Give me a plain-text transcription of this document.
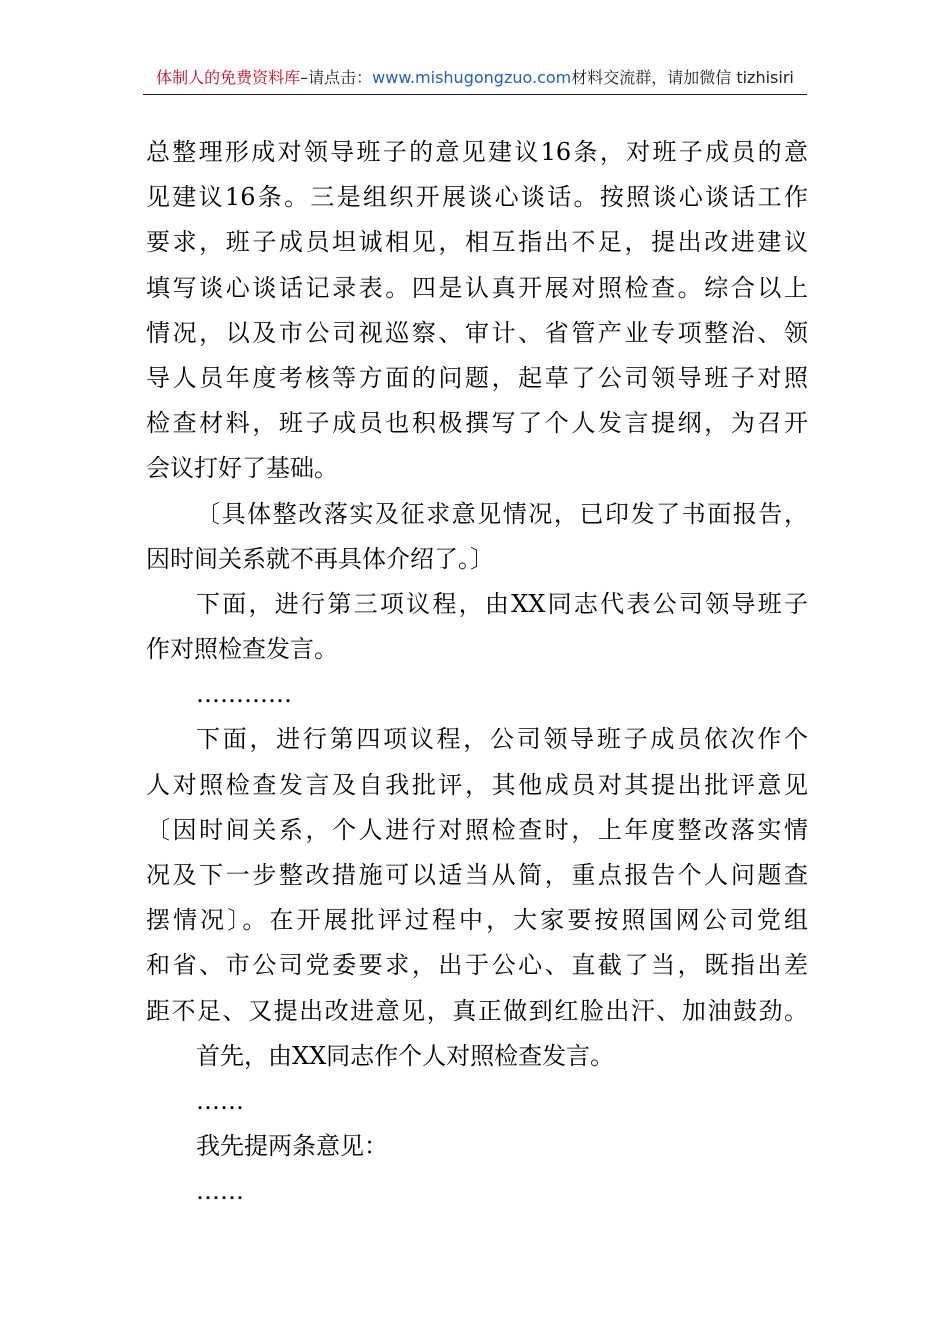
体制人的免费资料库–请点击：www.mishugongzuo.com材料交流群，请加微信 tizhisiri
总整理形成对领导班子的意见建议16条，对班子成员的意
见建议16条。三是组织开展谈心谈话。按照谈心谈话工作
要求，班子成员坦诚相见，相互指出不足，提出改进建议
填写谈心谈话记录表。四是认真开展对照检查。综合以上
情况，以及市公司视巡察、审计、省管产业专项整治、领
导人员年度考核等方面的问题，起草了公司领导班子对照
检查材料，班子成员也积极撰写了个人发言提纲，为召开
会议打好了基础。
〔具体整改落实及征求意见情况，已印发了书面报告，
因时间关系就不再具体介绍了。〕
下面，进行第三项议程，由XX同志代表公司领导班子
作对照检查发言。
…………
下面，进行第四项议程，公司领导班子成员依次作个
人对照检查发言及自我批评，其他成员对其提出批评意见
〔因时间关系，个人进行对照检查时，上年度整改落实情
况及下一步整改措施可以适当从简，重点报告个人问题查
摆情况〕。在开展批评过程中，大家要按照国网公司党组
和省、市公司党委要求，出于公心、直截了当，既指出差
距不足、又提出改进意见，真正做到红脸出汗、加油鼓劲。
首先，由XX同志作个人对照检查发言。
……
我先提两条意见：
……
